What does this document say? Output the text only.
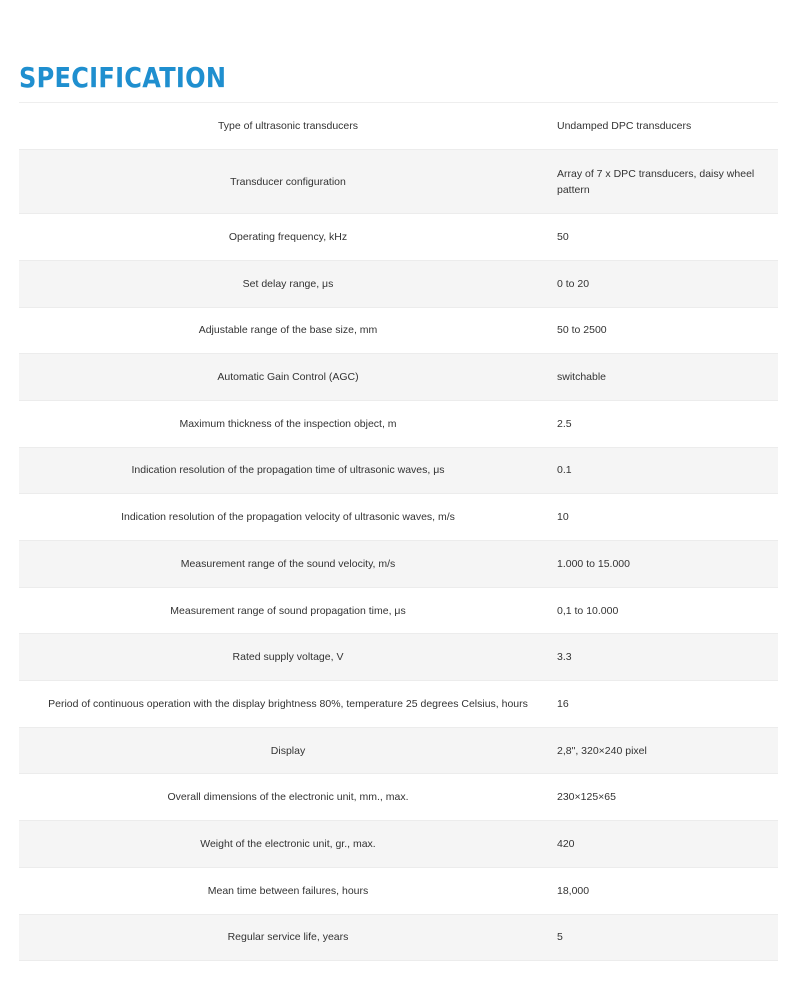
SPECIFICATION
Type of ultrasonic transducers	Undamped DPC transducers
Transducer configuration	Array of 7 x DPC transducers, daisy wheel pattern
Operating frequency, kHz	50
Set delay range, μs	0 to 20
Adjustable range of the base size, mm	50 to 2500
Automatic Gain Control (AGC)	switchable
Maximum thickness of the inspection object, m	2.5
Indication resolution of the propagation time of ultrasonic waves, μs	0.1
Indication resolution of the propagation velocity of ultrasonic waves, m/s	10
Measurement range of the sound velocity, m/s	1.000 to 15.000
Measurement range of sound propagation time, μs	0,1 to 10.000
Rated supply voltage, V	3.3
Period of continuous operation with the display brightness 80%, temperature 25 degrees Celsius, hours	16
Display	2,8", 320×240 pixel
Overall dimensions of the electronic unit, mm., max.	230×125×65
Weight of the electronic unit, gr., max.	420
Mean time between failures, hours	18,000
Regular service life, years	5
